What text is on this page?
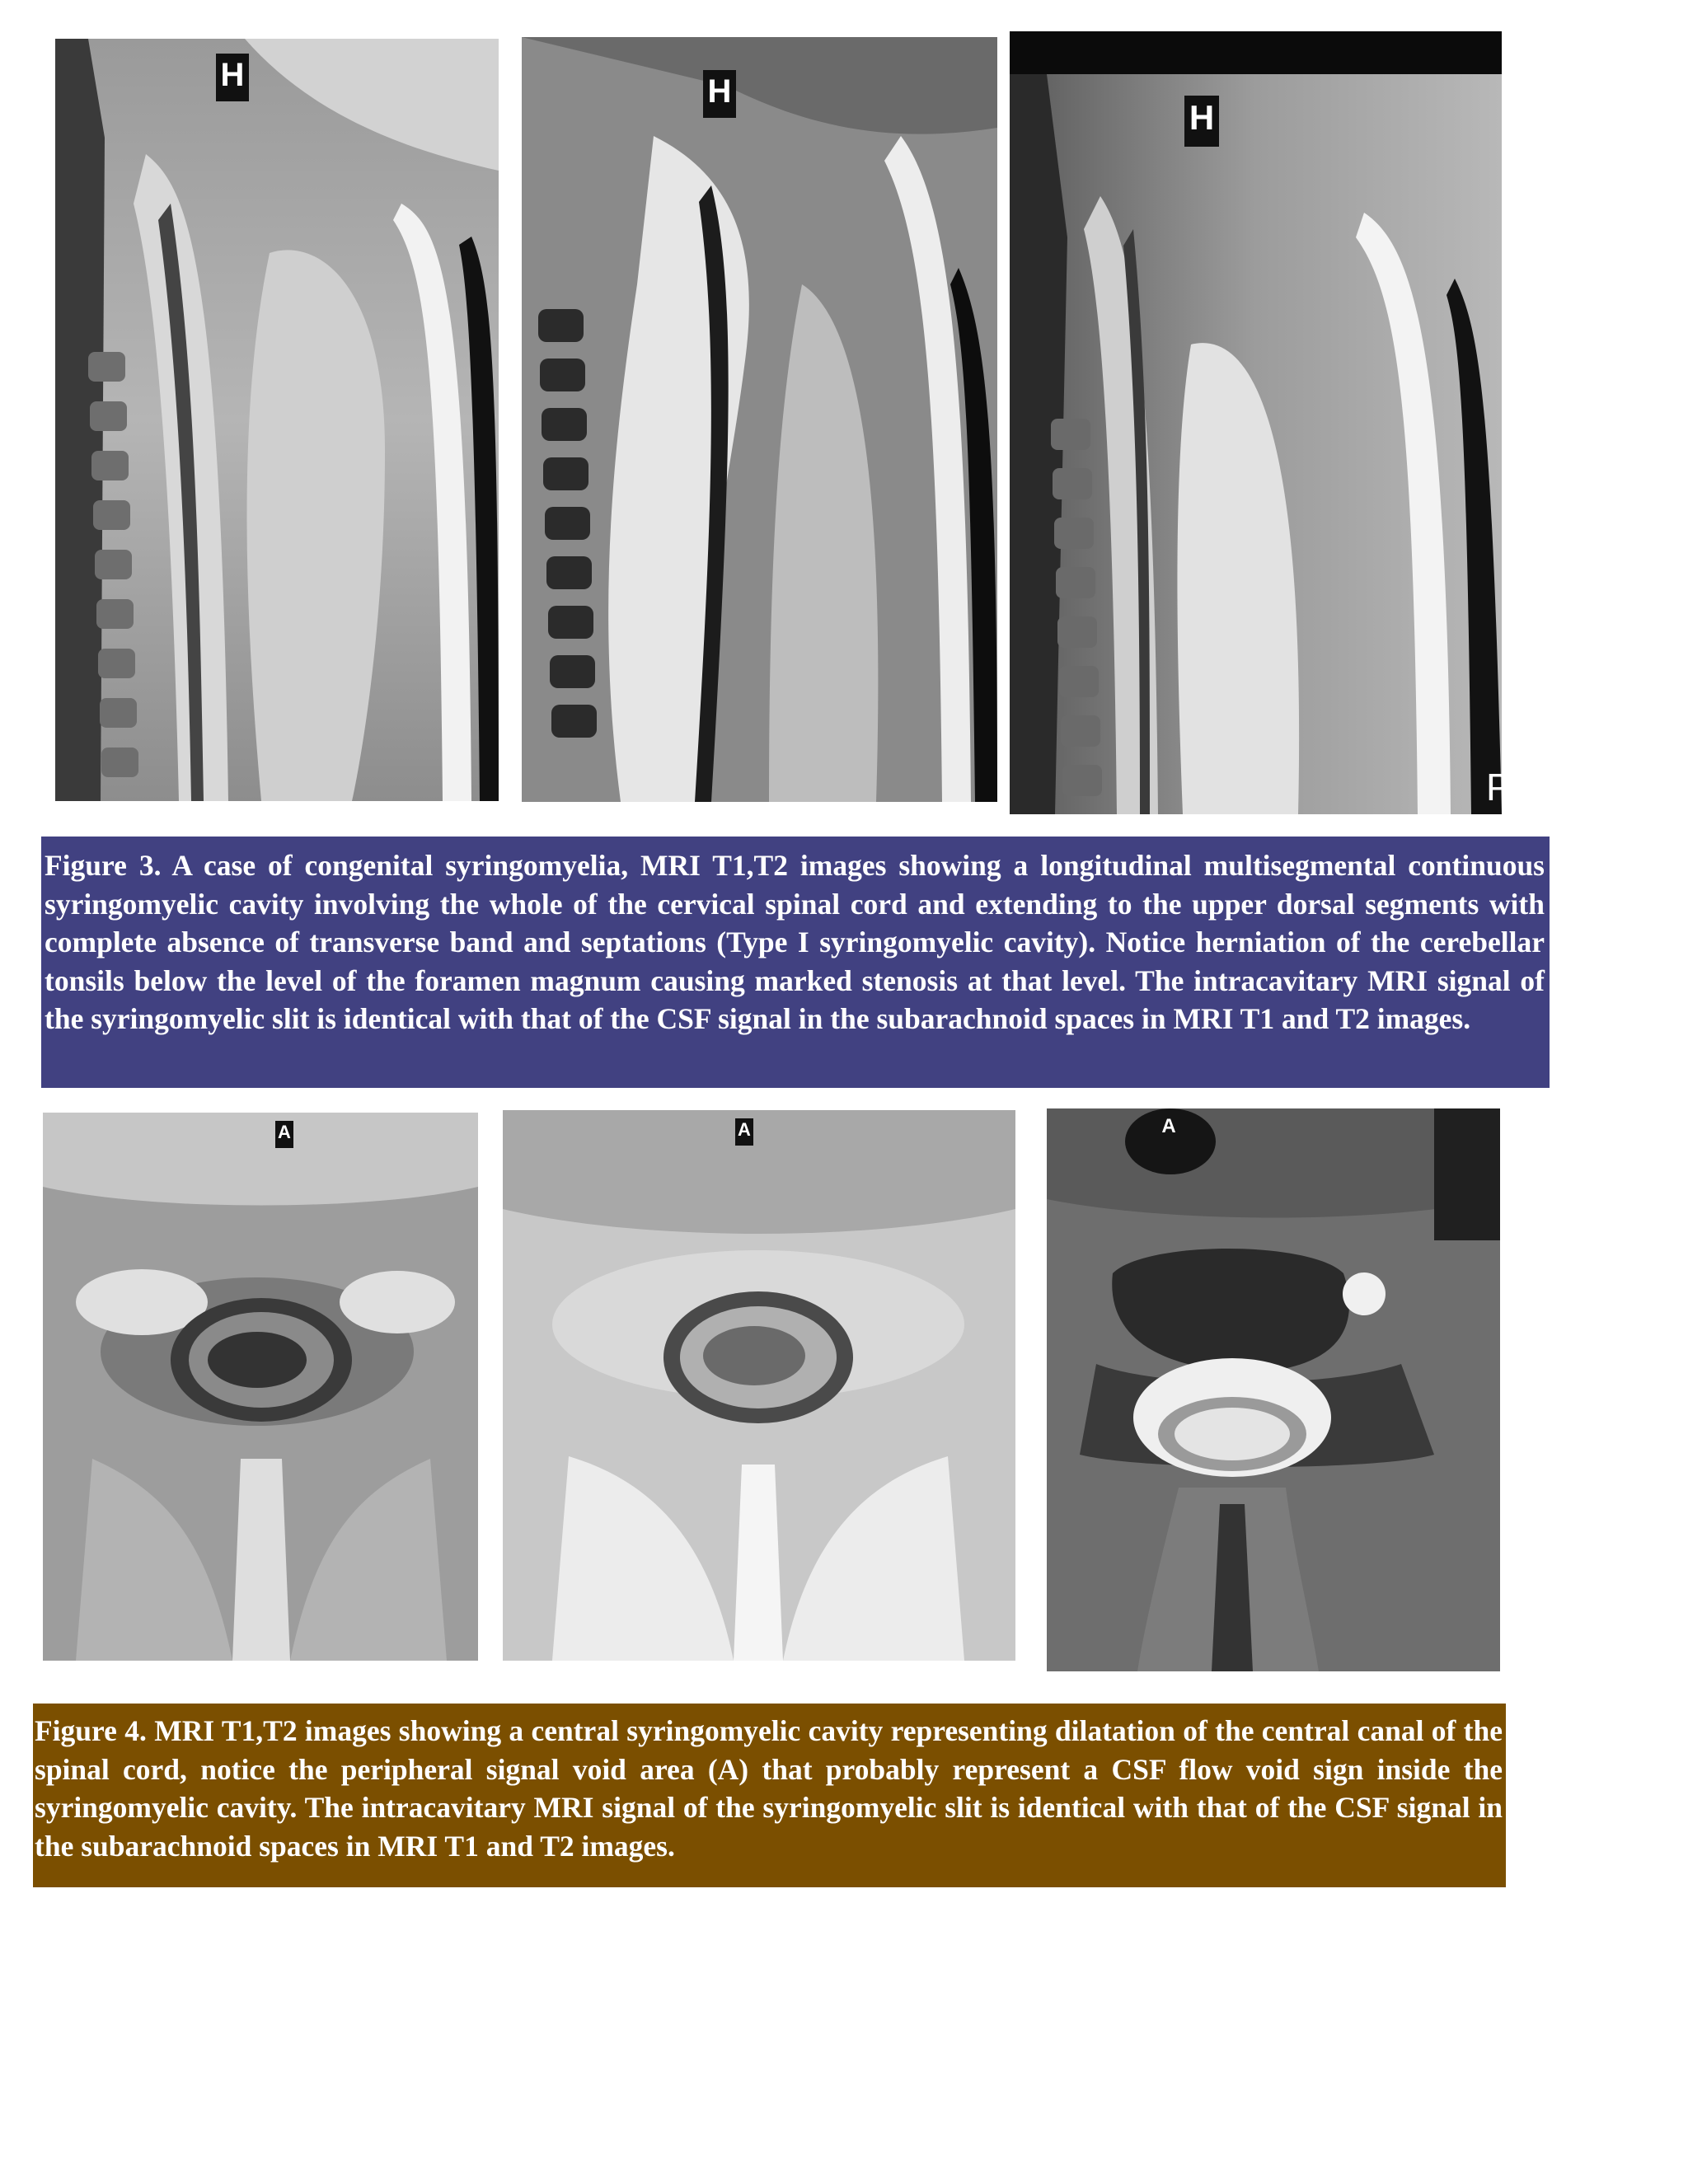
H	H
H
P
Figure 3. A case of congenital syringomyelia, MRI T1,T2 images showing a longitudinal multisegmental continuous syringomyelic cavity involving the whole of the cervical spinal cord and extending to the upper dorsal segments with complete absence of transverse band and septations (Type I syringomyelic cavity). Notice herniation of the cerebellar tonsils below the level of the foramen magnum causing marked stenosis at that level. The intracavitary MRI signal of the syringomyelic slit is identical with that of the CSF signal in the subarachnoid spaces in MRI T1 and T2 images.
A	A	A
Figure 4. MRI T1,T2 images showing a central syringomyelic cavity representing dilatation of the central canal of the spinal cord, notice the peripheral signal void area (A) that probably represent a CSF flow void sign inside the syringomyelic cavity. The intracavitary MRI signal of the syringomyelic slit is identical with that of the CSF signal in the subarachnoid spaces in MRI T1 and T2 images.
